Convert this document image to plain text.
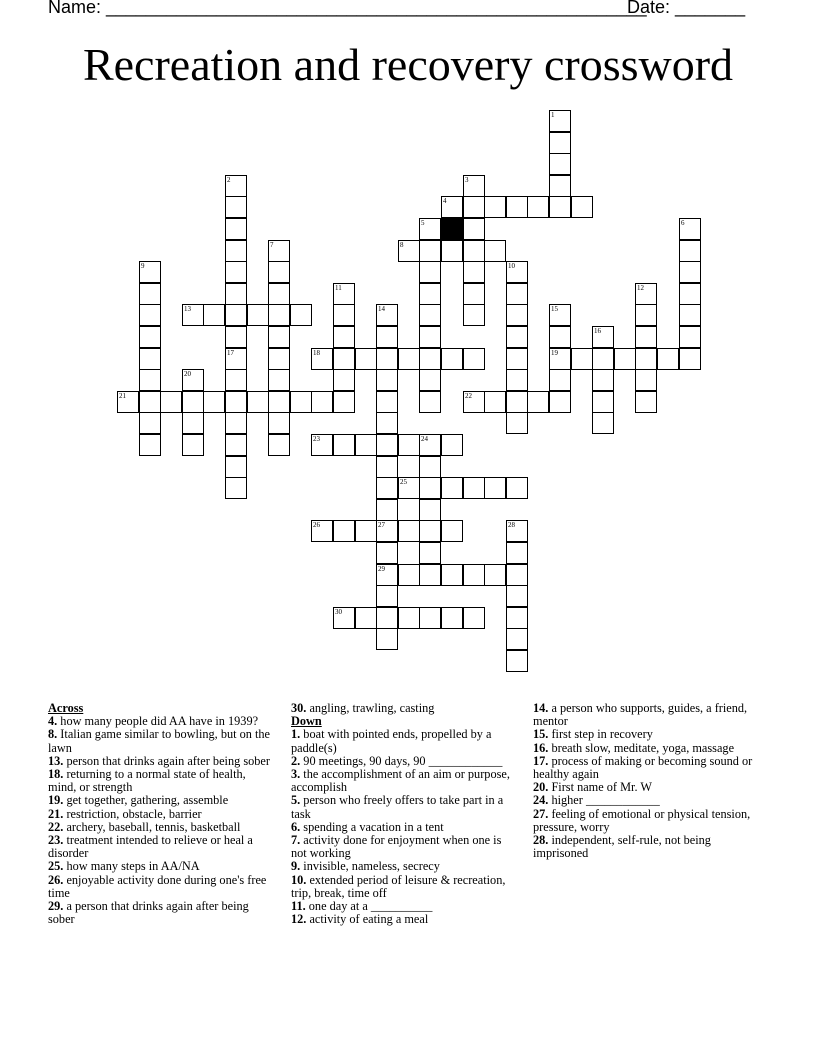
Name: ______________________________________________________
Date: _______
Recreation and recovery crossword
1
2
17
3
4
5	6
7	8
9	10
11	12
13	14
27
29
15
19
16
18
20
21	22
23	24
25
26	28
30
Across
4. how many people did AA have in 1939?
8. Italian game similar to bowling, but on the lawn
13. person that drinks again after being sober
18. returning to a normal state of health, mind, or strength
19. get together, gathering, assemble
21. restriction, obstacle, barrier
22. archery, baseball, tennis, basketball
23. treatment intended to relieve or heal a disorder
25. how many steps in AA/NA
26. enjoyable activity done during one's free time
29. a person that drinks again after being sober
30. angling, trawling, casting
Down
1. boat with pointed ends, propelled by a paddle(s)
2. 90 meetings, 90 days, 90 ____________
3. the accomplishment of an aim or purpose, accomplish
5. person who freely offers to take part in a task
6. spending a vacation in a tent
7. activity done for enjoyment when one is not working
9. invisible, nameless, secrecy
10. extended period of leisure & recreation, trip, break, time off
11. one day at a __________
12. activity of eating a meal
14. a person who supports, guides, a friend, mentor
15. first step in recovery
16. breath slow, meditate, yoga, massage
17. process of making or becoming sound or healthy again
20. First name of Mr. W
24. higher ____________
27. feeling of emotional or physical tension, pressure, worry
28. independent, self-rule, not being imprisoned
